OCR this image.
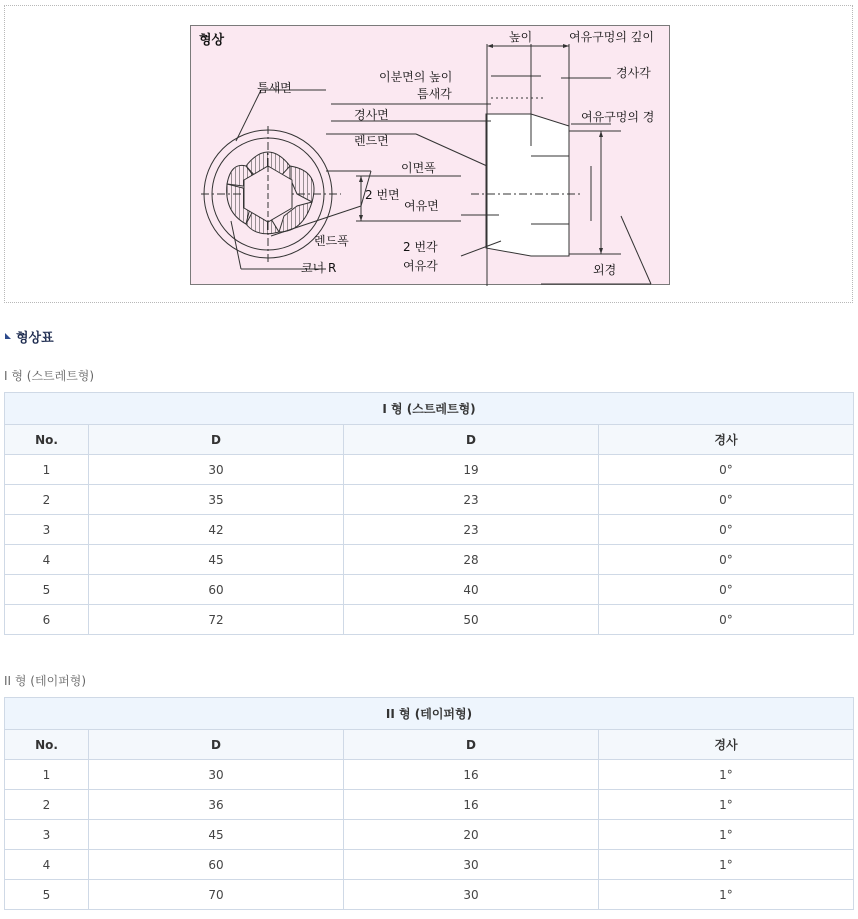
형상	높이	여유구멍의 깊이
이분면의 높이	경사각
틈새각
틈새면
경사면	여유구멍의 경
렌드면
이면폭
2 번면
여유면
렌드폭	2 번각
여유각
코너 R	외경
형상표
I 형 (스트레트형)
I 형 (스트레트형)			
No.	D	D	경사
1	30	19	0°
2	35	23	0°
3	42	23	0°
4	45	28	0°
5	60	40	0°
6	72	50	0°
II 형 (테이퍼형)
II 형 (테이퍼형)			
No.	D	D	경사
1	30	16	1°
2	36	16	1°
3	45	20	1°
4	60	30	1°
5	70	30	1°
